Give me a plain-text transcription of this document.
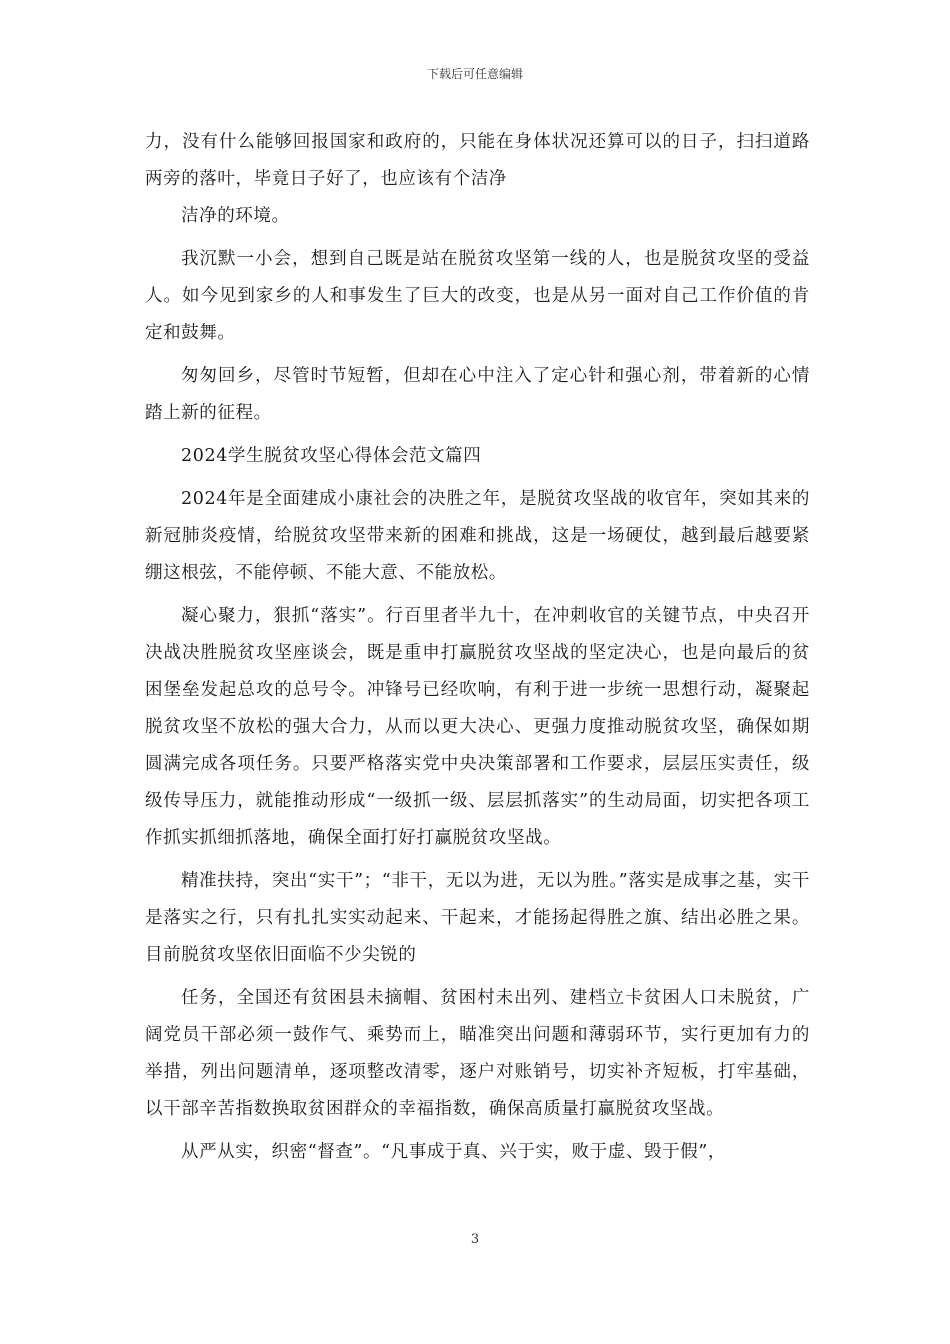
下载后可任意编辑

力，没有什么能够回报国家和政府的，只能在身体状况还算可以的日子，扫扫道路两旁的落叶，毕竟日子好了，也应该有个洁净

洁净的环境。

我沉默一小会，想到自己既是站在脱贫攻坚第一线的人，也是脱贫攻坚的受益人。如今见到家乡的人和事发生了巨大的改变，也是从另一面对自己工作价值的肯定和鼓舞。

匆匆回乡，尽管时节短暂，但却在心中注入了定心针和强心剂，带着新的心情踏上新的征程。

2024学生脱贫攻坚心得体会范文篇四

2024年是全面建成小康社会的决胜之年，是脱贫攻坚战的收官年，突如其来的新冠肺炎疫情，给脱贫攻坚带来新的困难和挑战，这是一场硬仗，越到最后越要紧绷这根弦，不能停顿、不能大意、不能放松。

凝心聚力，狠抓“落实”。行百里者半九十，在冲刺收官的关键节点，中央召开决战决胜脱贫攻坚座谈会，既是重申打赢脱贫攻坚战的坚定决心，也是向最后的贫困堡垒发起总攻的总号令。冲锋号已经吹响，有利于进一步统一思想行动，凝聚起脱贫攻坚不放松的强大合力，从而以更大决心、更强力度推动脱贫攻坚，确保如期圆满完成各项任务。只要严格落实党中央决策部署和工作要求，层层压实责任，级级传导压力，就能推动形成“一级抓一级、层层抓落实”的生动局面，切实把各项工作抓实抓细抓落地，确保全面打好打赢脱贫攻坚战。

精准扶持，突出“实干”；“非干，无以为进，无以为胜。”落实是成事之基，实干是落实之行，只有扎扎实实动起来、干起来，才能扬起得胜之旗、结出必胜之果。目前脱贫攻坚依旧面临不少尖锐的

任务，全国还有贫困县未摘帽、贫困村未出列、建档立卡贫困人口未脱贫，广阔党员干部必须一鼓作气、乘势而上，瞄准突出问题和薄弱环节，实行更加有力的举措，列出问题清单，逐项整改清零，逐户对账销号，切实补齐短板，打牢基础，以干部辛苦指数换取贫困群众的幸福指数，确保高质量打赢脱贫攻坚战。

从严从实，织密“督查”。“凡事成于真、兴于实，败于虚、毁于假”，

3
